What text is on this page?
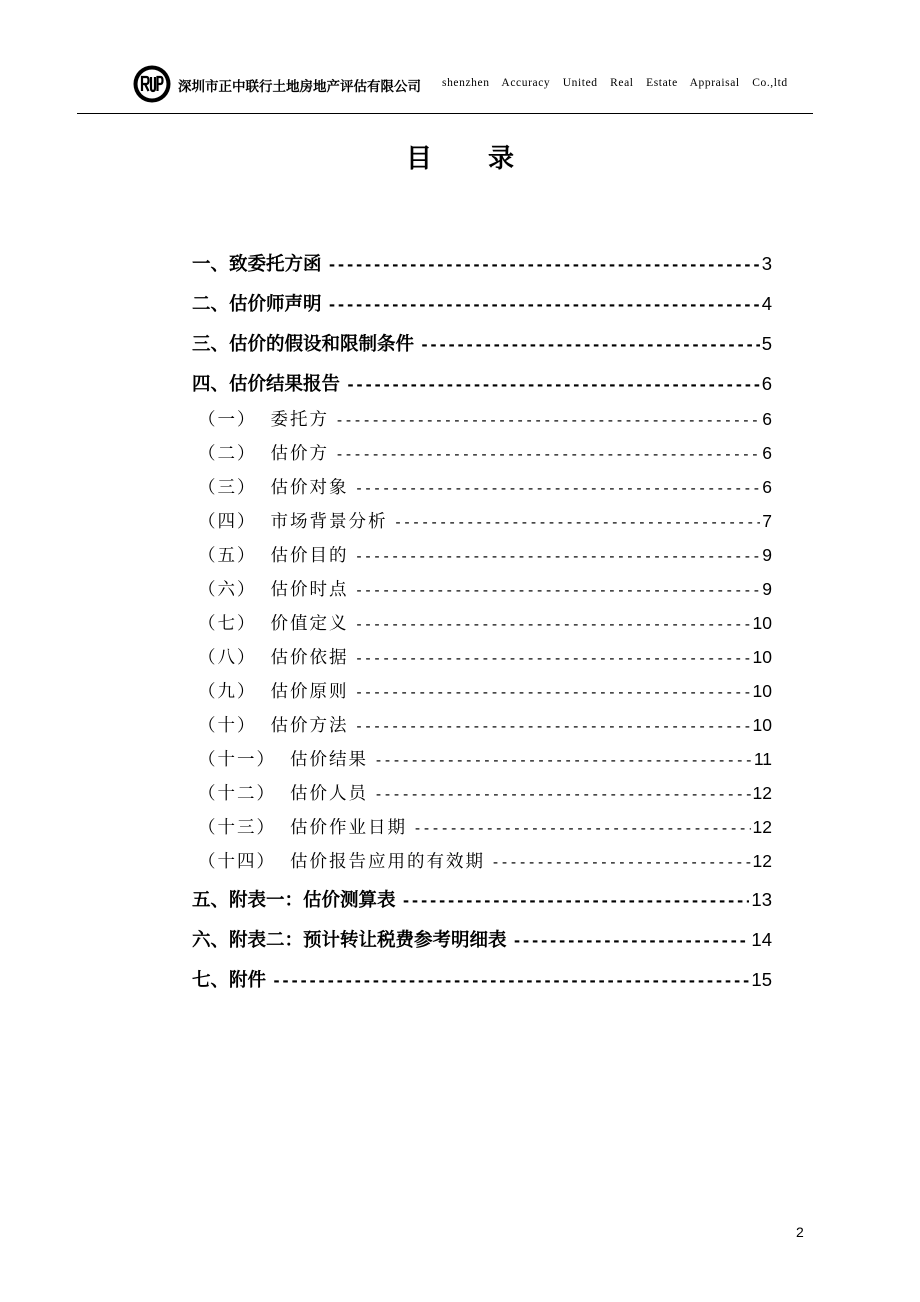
深圳市正中联行土地房地产评估有限公司 shenzhen Accuracy United Real Estate Appraisal Co.,ltd
目录
一、致委托方函 -----	3
二、估价师声明 -----	4
三、估价的假设和限制条件 -----	5
四、估价结果报告 -----	6
（一） 委托方 -----	6
（二） 估价方 -----	6
（三） 估价对象 -----	6
（四） 市场背景分析 -----	7
（五） 估价目的 -----	9
（六） 估价时点 -----	9
（七） 价值定义 -----	10
（八） 估价依据 -----	10
（九） 估价原则 -----	10
（十） 估价方法 -----	10
（十一） 估价结果 -----	11
（十二） 估价人员 -----	12
（十三） 估价作业日期 -----	12
（十四） 估价报告应用的有效期 -----	12
五、附表一：估价测算表 -----	13
六、附表二：预计转让税费参考明细表 -----	14
七、附件 -----	15
2
